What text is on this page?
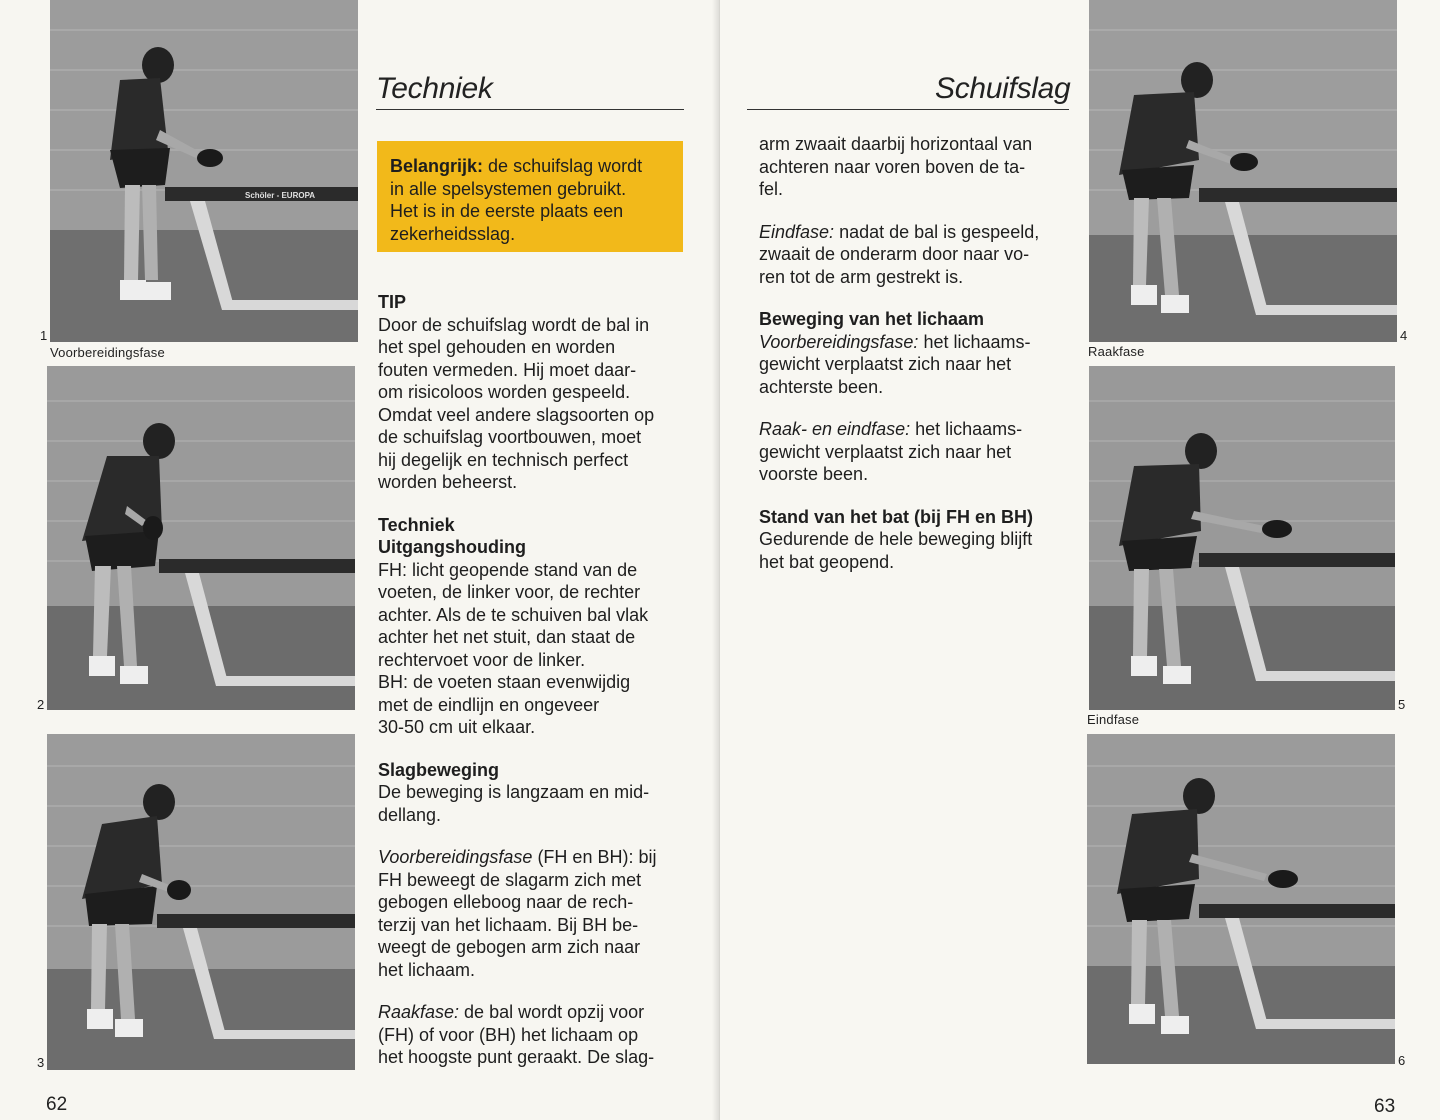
Schöler - EUROPA
1
Voorbereidingsfase
2
3
Techniek

Belangrijk: de schuifslag wordt

in alle spelsystemen gebruikt.

Het is in de eerste plaats een

zekerheidsslag.

TIP

Door de schuifslag wordt de bal in

het spel gehouden en worden

fouten vermeden. Hij moet daar-

om risicoloos worden gespeeld.

Omdat veel andere slagsoorten op

de schuifslag voortbouwen, moet

hij degelijk en technisch perfect

worden beheerst.

Techniek

Uitgangshouding

FH: licht geopende stand van de

voeten, de linker voor, de rechter

achter. Als de te schuiven bal vlak

achter het net stuit, dan staat de

rechtervoet voor de linker.

BH: de voeten staan evenwijdig

met de eindlijn en ongeveer

30-50 cm uit elkaar.

Slagbeweging

De beweging is langzaam en mid-

dellang.

Voorbereidingsfase (FH en BH): bij

FH beweegt de slagarm zich met

gebogen elleboog naar de rech-

terzij van het lichaam. Bij BH be-

weegt de gebogen arm zich naar

het lichaam.

Raakfase: de bal wordt opzij voor

(FH) of voor (BH) het lichaam op

het hoogste punt geraakt. De slag-

62
Schuifslag

arm zwaait daarbij horizontaal van

achteren naar voren boven de ta-

fel.

Eindfase: nadat de bal is gespeeld,

zwaait de onderarm door naar vo-

ren tot de arm gestrekt is.

Beweging van het lichaam

Voorbereidingsfase: het lichaams-

gewicht verplaatst zich naar het

achterste been.

Raak- en eindfase: het lichaams-

gewicht verplaatst zich naar het

voorste been.

Stand van het bat (bij FH en BH)

Gedurende de hele beweging blijft

het bat geopend.

Raakfase
4
Eindfase
5
6
63
